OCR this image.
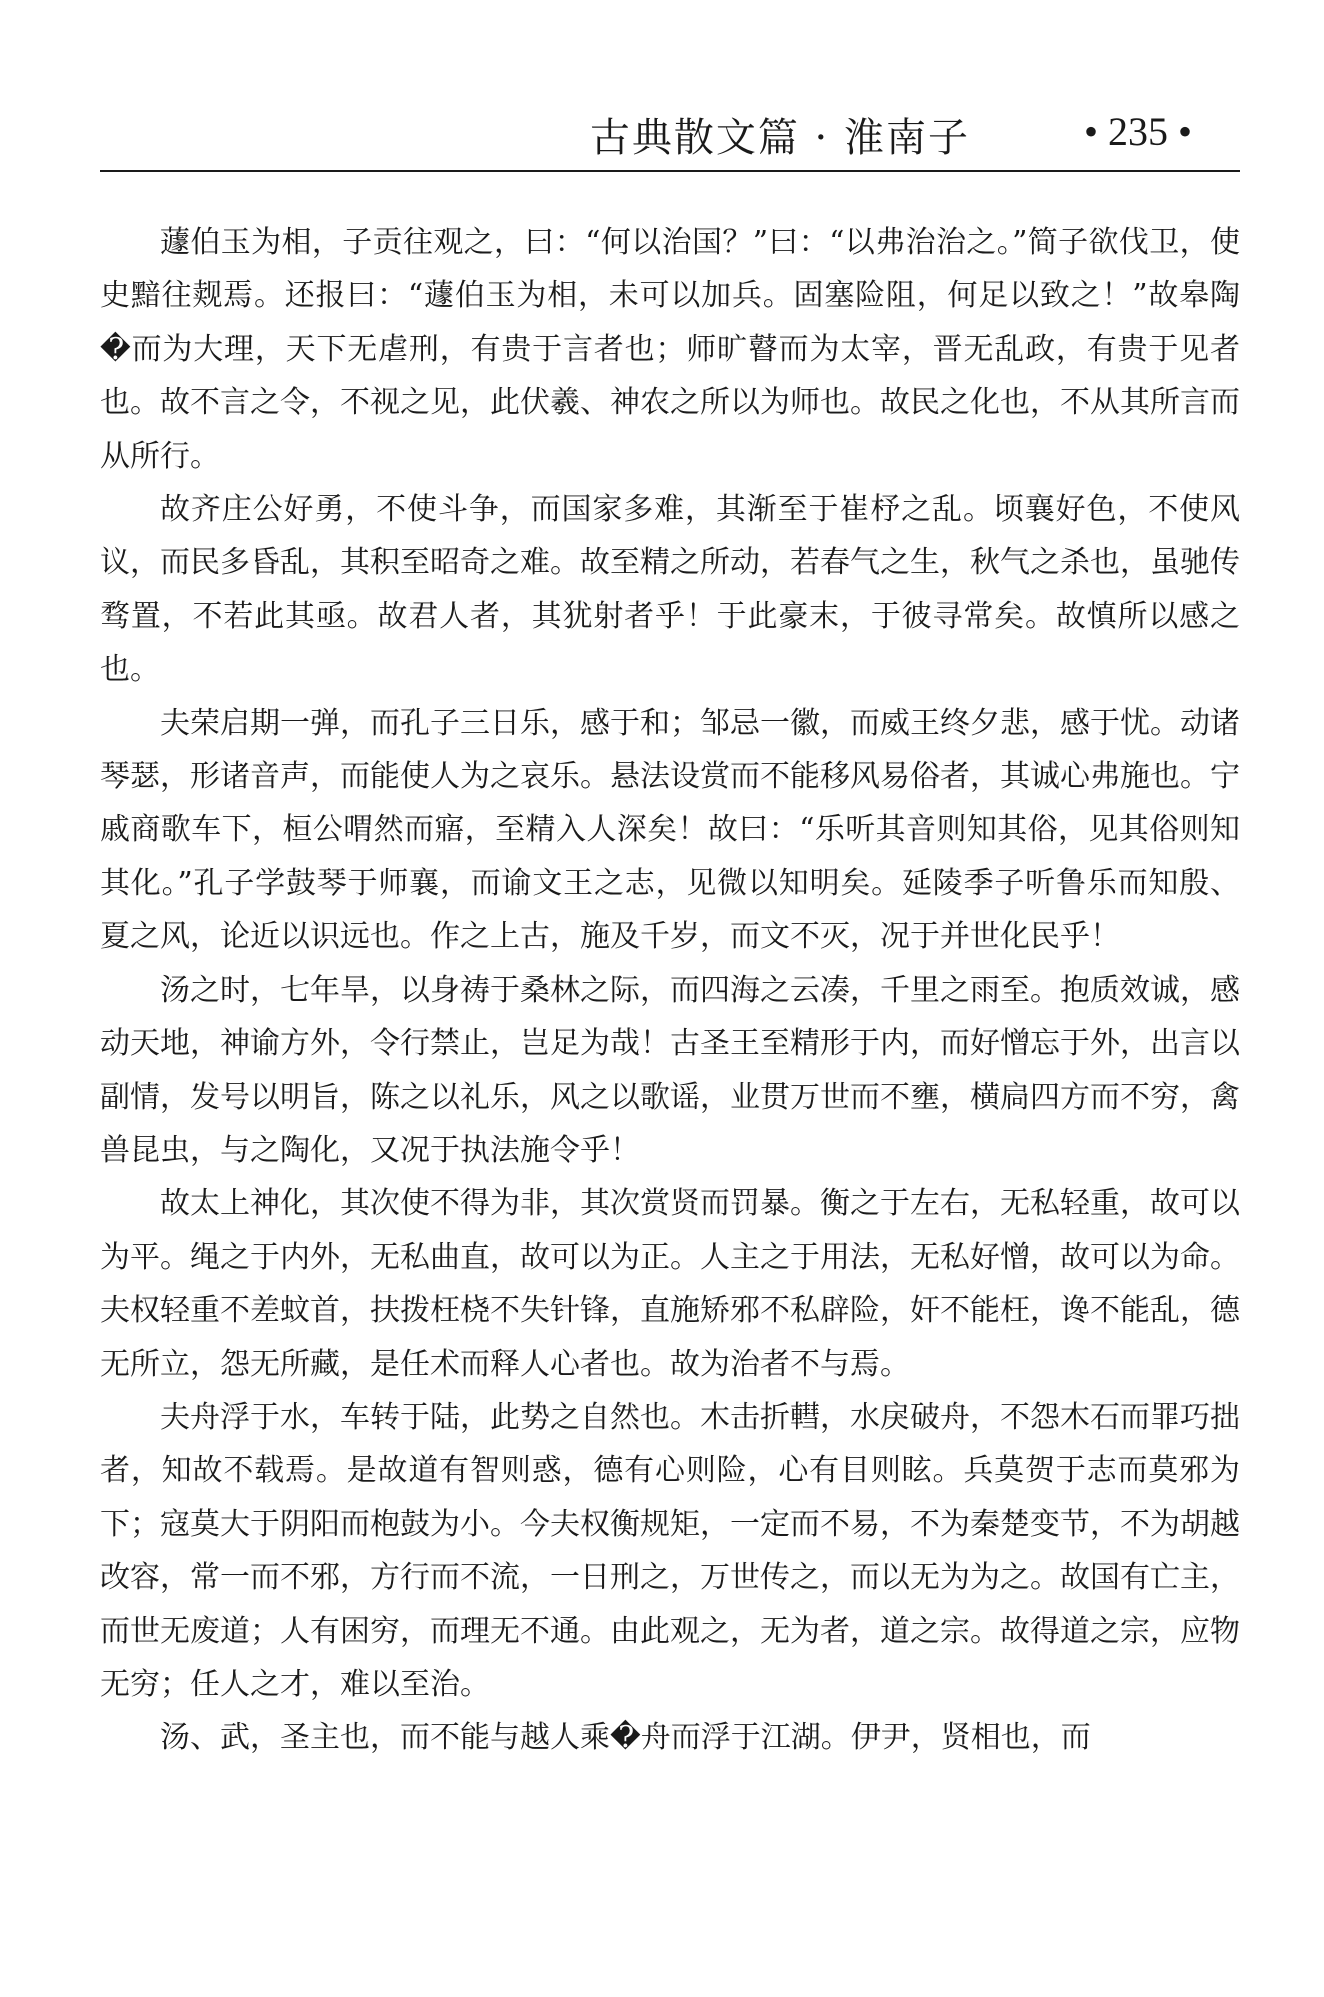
古典散文篇 · 淮南子	• 235 •

蘧伯玉为相，子贡往观之，曰：“何以治国？”曰：“以弗治治之。”简子欲伐卫，使史黯往觌焉。还报曰：“蘧伯玉为相，未可以加兵。固塞险阻，何足以致之！”故皋陶�而为大理，天下无虐刑，有贵于言者也；师旷瞽而为太宰，晋无乱政，有贵于见者也。故不言之令，不视之见，此伏羲、神农之所以为师也。故民之化也，不从其所言而从所行。

故齐庄公好勇，不使斗争，而国家多难，其渐至于崔杼之乱。顷襄好色，不使风议，而民多昏乱，其积至昭奇之难。故至精之所动，若春气之生，秋气之杀也，虽驰传骛置，不若此其亟。故君人者，其犹射者乎！于此豪末，于彼寻常矣。故慎所以感之也。

夫荣启期一弹，而孔子三日乐，感于和；邹忌一徽，而威王终夕悲，感于忧。动诸琴瑟，形诸音声，而能使人为之哀乐。悬法设赏而不能移风易俗者，其诚心弗施也。宁戚商歌车下，桓公喟然而寤，至精入人深矣！故曰：“乐听其音则知其俗，见其俗则知其化。”孔子学鼓琴于师襄，而谕文王之志，见微以知明矣。延陵季子听鲁乐而知殷、夏之风，论近以识远也。作之上古，施及千岁，而文不灭，况于并世化民乎！

汤之时，七年旱，以身祷于桑林之际，而四海之云凑，千里之雨至。抱质效诚，感动天地，神谕方外，令行禁止，岂足为哉！古圣王至精形于内，而好憎忘于外，出言以副情，发号以明旨，陈之以礼乐，风之以歌谣，业贯万世而不壅，横扃四方而不穷，禽兽昆虫，与之陶化，又况于执法施令乎！

故太上神化，其次使不得为非，其次赏贤而罚暴。衡之于左右，无私轻重，故可以为平。绳之于内外，无私曲直，故可以为正。人主之于用法，无私好憎，故可以为命。夫权轻重不差蚊首，扶拨枉桡不失针锋，直施矫邪不私辟险，奸不能枉，谗不能乱，德无所立，怨无所藏，是任术而释人心者也。故为治者不与焉。

夫舟浮于水，车转于陆，此势之自然也。木击折轊，水戾破舟，不怨木石而罪巧拙者，知故不载焉。是故道有智则惑，德有心则险，心有目则眩。兵莫贺于志而莫邪为下；寇莫大于阴阳而枹鼓为小。今夫权衡规矩，一定而不易，不为秦楚变节，不为胡越改容，常一而不邪，方行而不流，一日刑之，万世传之，而以无为为之。故国有亡主，而世无废道；人有困穷，而理无不通。由此观之，无为者，道之宗。故得道之宗，应物无穷；任人之才，难以至治。

汤、武，圣主也，而不能与越人乘�舟而浮于江湖。伊尹，贤相也，而
